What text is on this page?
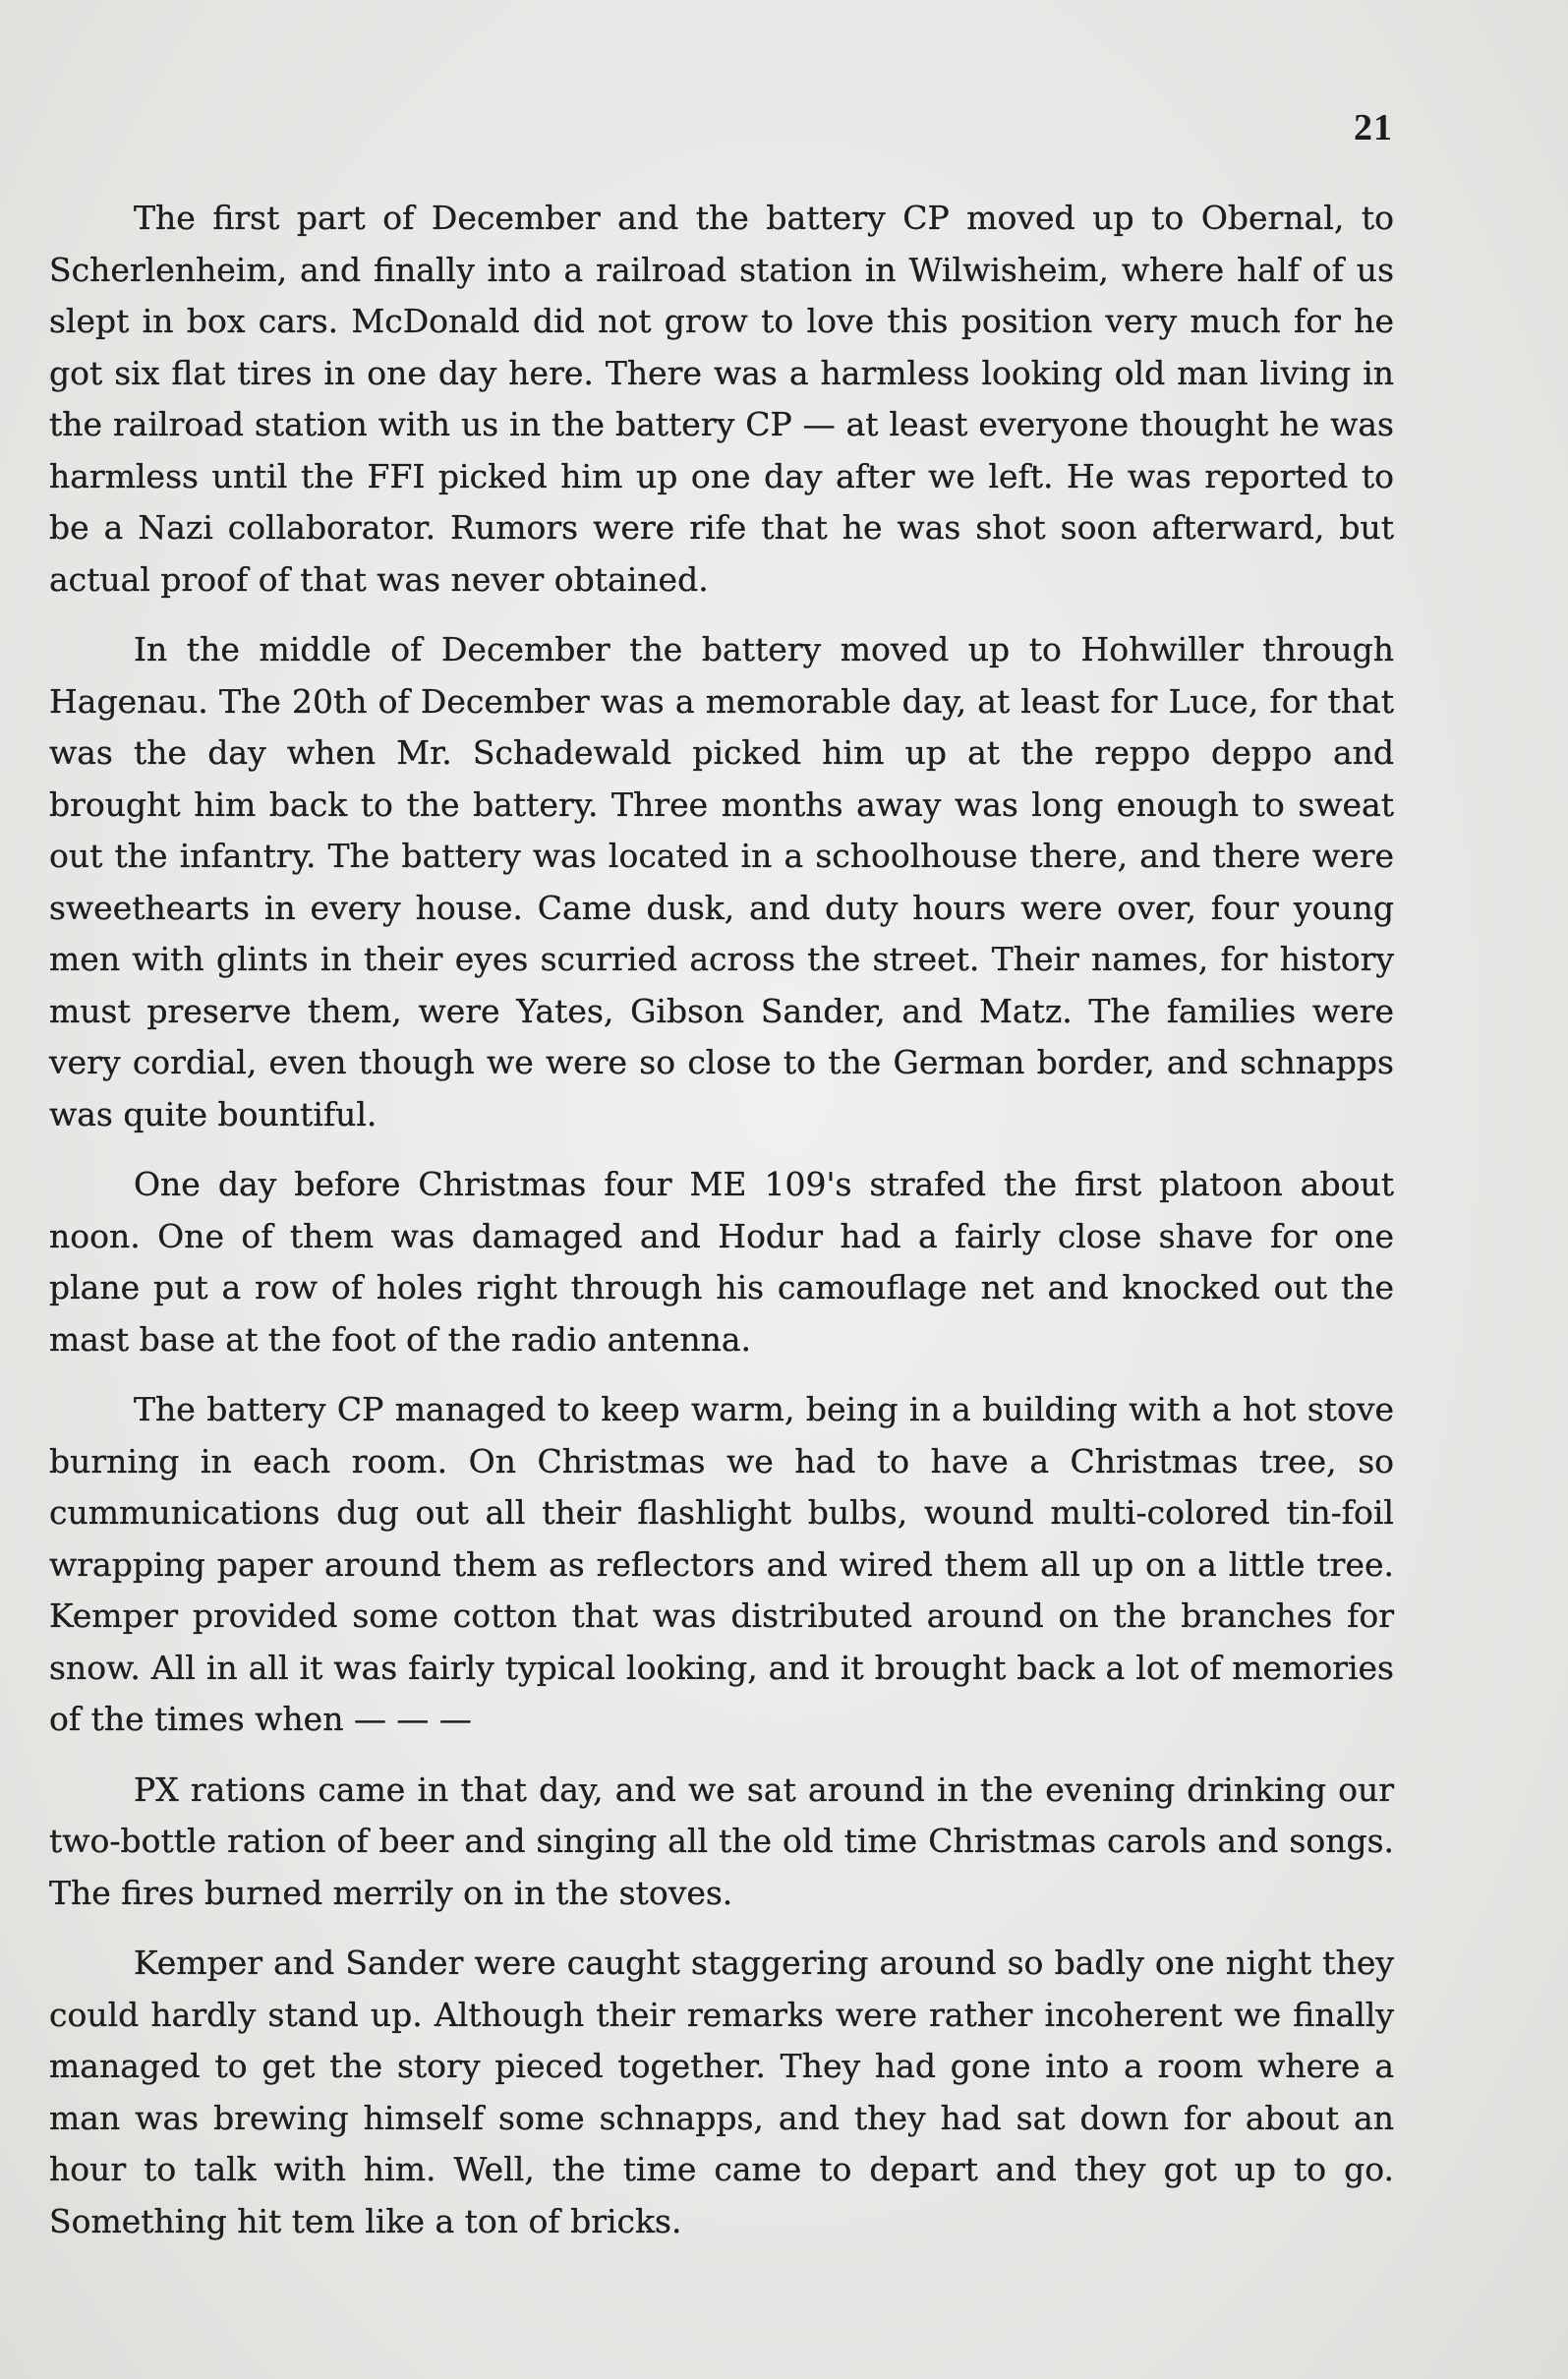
21

The first part of December and the battery CP moved up to Obernal, to Scherlenheim, and finally into a railroad station in Wilwisheim, where half of us slept in box cars. McDonald did not grow to love this position very much for he got six flat tires in one day here. There was a harmless looking old man living in the railroad station with us in the battery CP — at least everyone thought he was harmless until the FFI picked him up one day after we left. He was reported to be a Nazi collaborator. Rumors were rife that he was shot soon afterward, but actual proof of that was never obtained.

In the middle of December the battery moved up to Hohwiller through Hagenau. The 20th of December was a memorable day, at least for Luce, for that was the day when Mr. Schadewald picked him up at the reppo deppo and brought him back to the battery. Three months away was long enough to sweat out the infantry. The battery was located in a schoolhouse there, and there were sweethearts in every house. Came dusk, and duty hours were over, four young men with glints in their eyes scurried across the street. Their names, for history must preserve them, were Yates, Gibson Sander, and Matz. The families were very cordial, even though we were so close to the German border, and schnapps was quite bountiful.

One day before Christmas four ME 109's strafed the first platoon about noon. One of them was damaged and Hodur had a fairly close shave for one plane put a row of holes right through his camouflage net and knocked out the mast base at the foot of the radio antenna.

The battery CP managed to keep warm, being in a building with a hot stove burning in each room. On Christmas we had to have a Christmas tree, so cummunications dug out all their flashlight bulbs, wound multi-colored tin-foil wrapping paper around them as reflectors and wired them all up on a little tree. Kemper provided some cotton that was distributed around on the branches for snow. All in all it was fairly typical looking, and it brought back a lot of memories of the times when — — —

PX rations came in that day, and we sat around in the evening drinking our two-bottle ration of beer and singing all the old time Christmas carols and songs. The fires burned merrily on in the stoves.

Kemper and Sander were caught staggering around so badly one night they could hardly stand up. Although their remarks were rather incoherent we finally managed to get the story pieced together. They had gone into a room where a man was brewing himself some schnapps, and they had sat down for about an hour to talk with him. Well, the time came to depart and they got up to go. Something hit tem like a ton of bricks.
